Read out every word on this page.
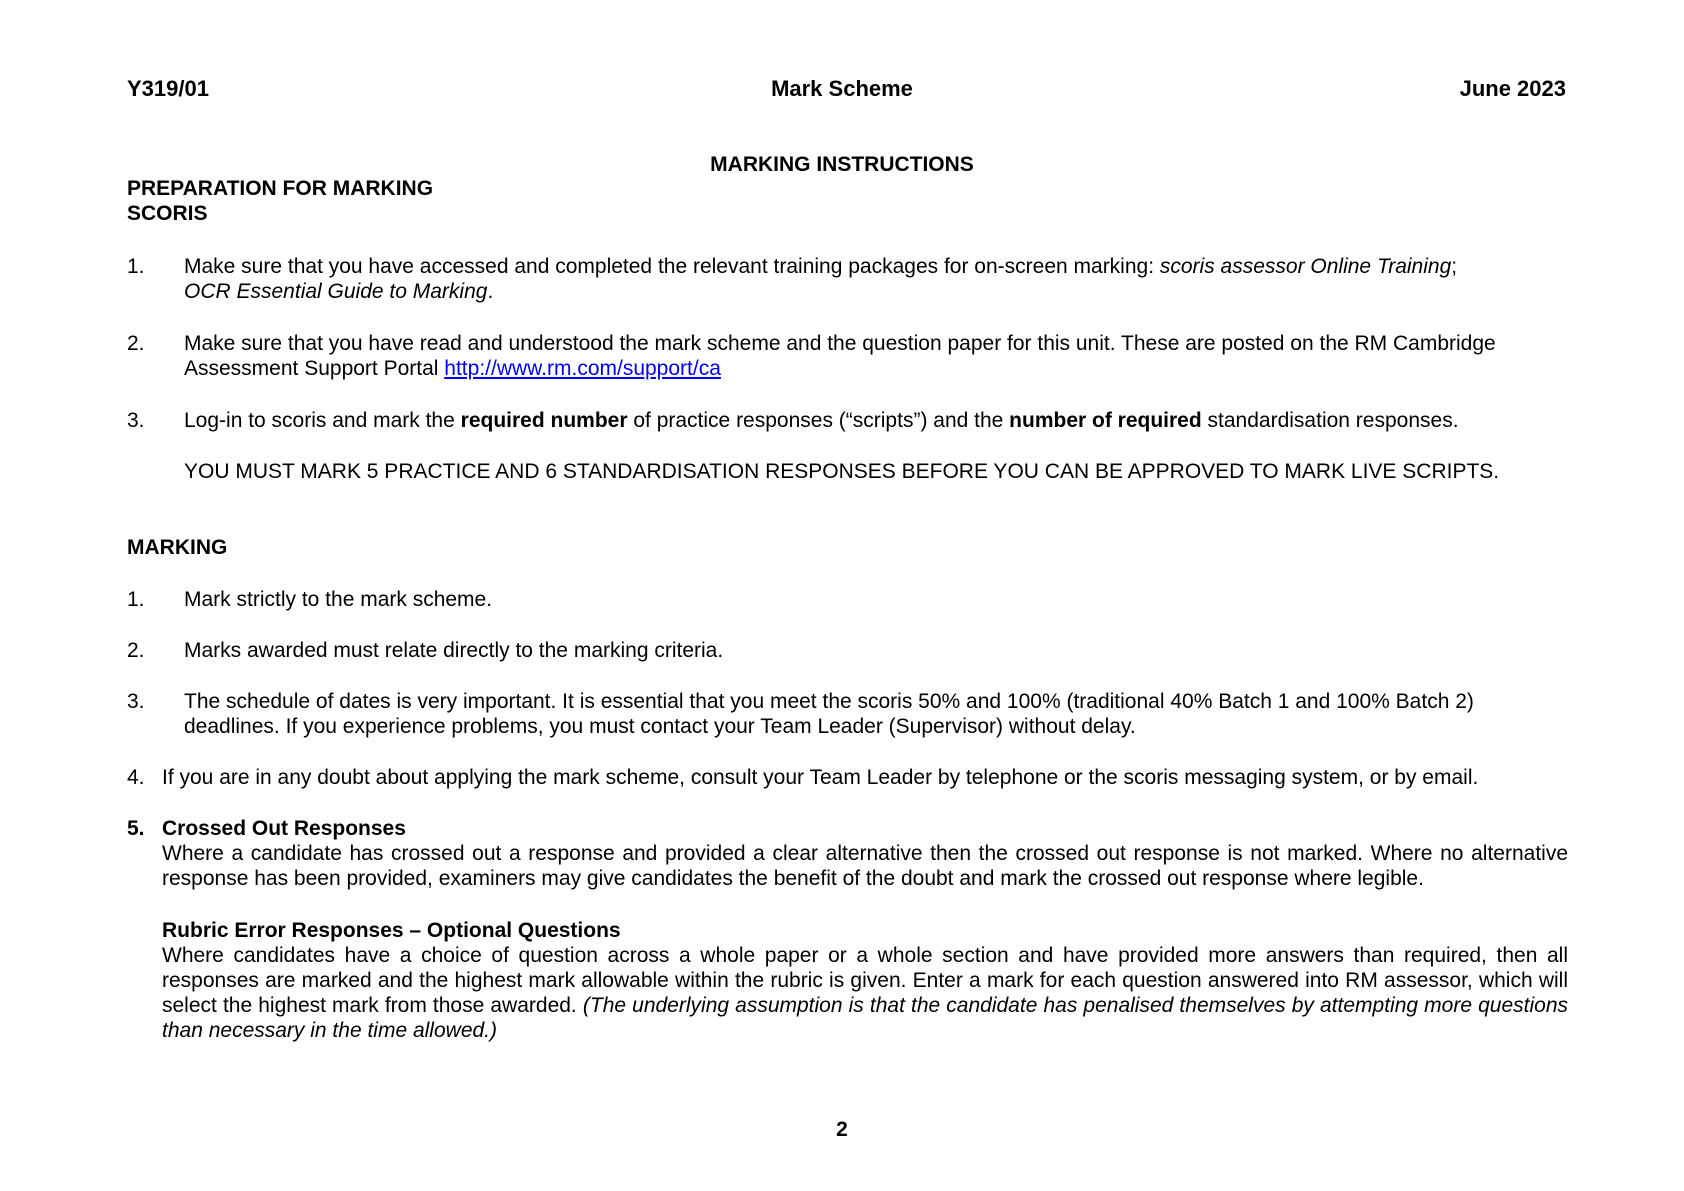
Y319/01	Mark Scheme	June 2023
MARKING INSTRUCTIONS
PREPARATION FOR MARKING
SCORIS
1. Make sure that you have accessed and completed the relevant training packages for on-screen marking: scoris assessor Online Training;
OCR Essential Guide to Marking.
2. Make sure that you have read and understood the mark scheme and the question paper for this unit. These are posted on the RM Cambridge Assessment Support Portal http://www.rm.com/support/ca
3. Log-in to scoris and mark the required number of practice responses (“scripts”) and the number of required standardisation responses.
YOU MUST MARK 5 PRACTICE AND 6 STANDARDISATION RESPONSES BEFORE YOU CAN BE APPROVED TO MARK LIVE SCRIPTS.
MARKING
1. Mark strictly to the mark scheme.
2. Marks awarded must relate directly to the marking criteria.
3. The schedule of dates is very important. It is essential that you meet the scoris 50% and 100% (traditional 40% Batch 1 and 100% Batch 2) deadlines. If you experience problems, you must contact your Team Leader (Supervisor) without delay.
4. If you are in any doubt about applying the mark scheme, consult your Team Leader by telephone or the scoris messaging system, or by email.
5. Crossed Out Responses
Where a candidate has crossed out a response and provided a clear alternative then the crossed out response is not marked. Where no alternative response has been provided, examiners may give candidates the benefit of the doubt and mark the crossed out response where legible.
Rubric Error Responses – Optional Questions
Where candidates have a choice of question across a whole paper or a whole section and have provided more answers than required, then all responses are marked and the highest mark allowable within the rubric is given. Enter a mark for each question answered into RM assessor, which will select the highest mark from those awarded. (The underlying assumption is that the candidate has penalised themselves by attempting more questions than necessary in the time allowed.)
2
